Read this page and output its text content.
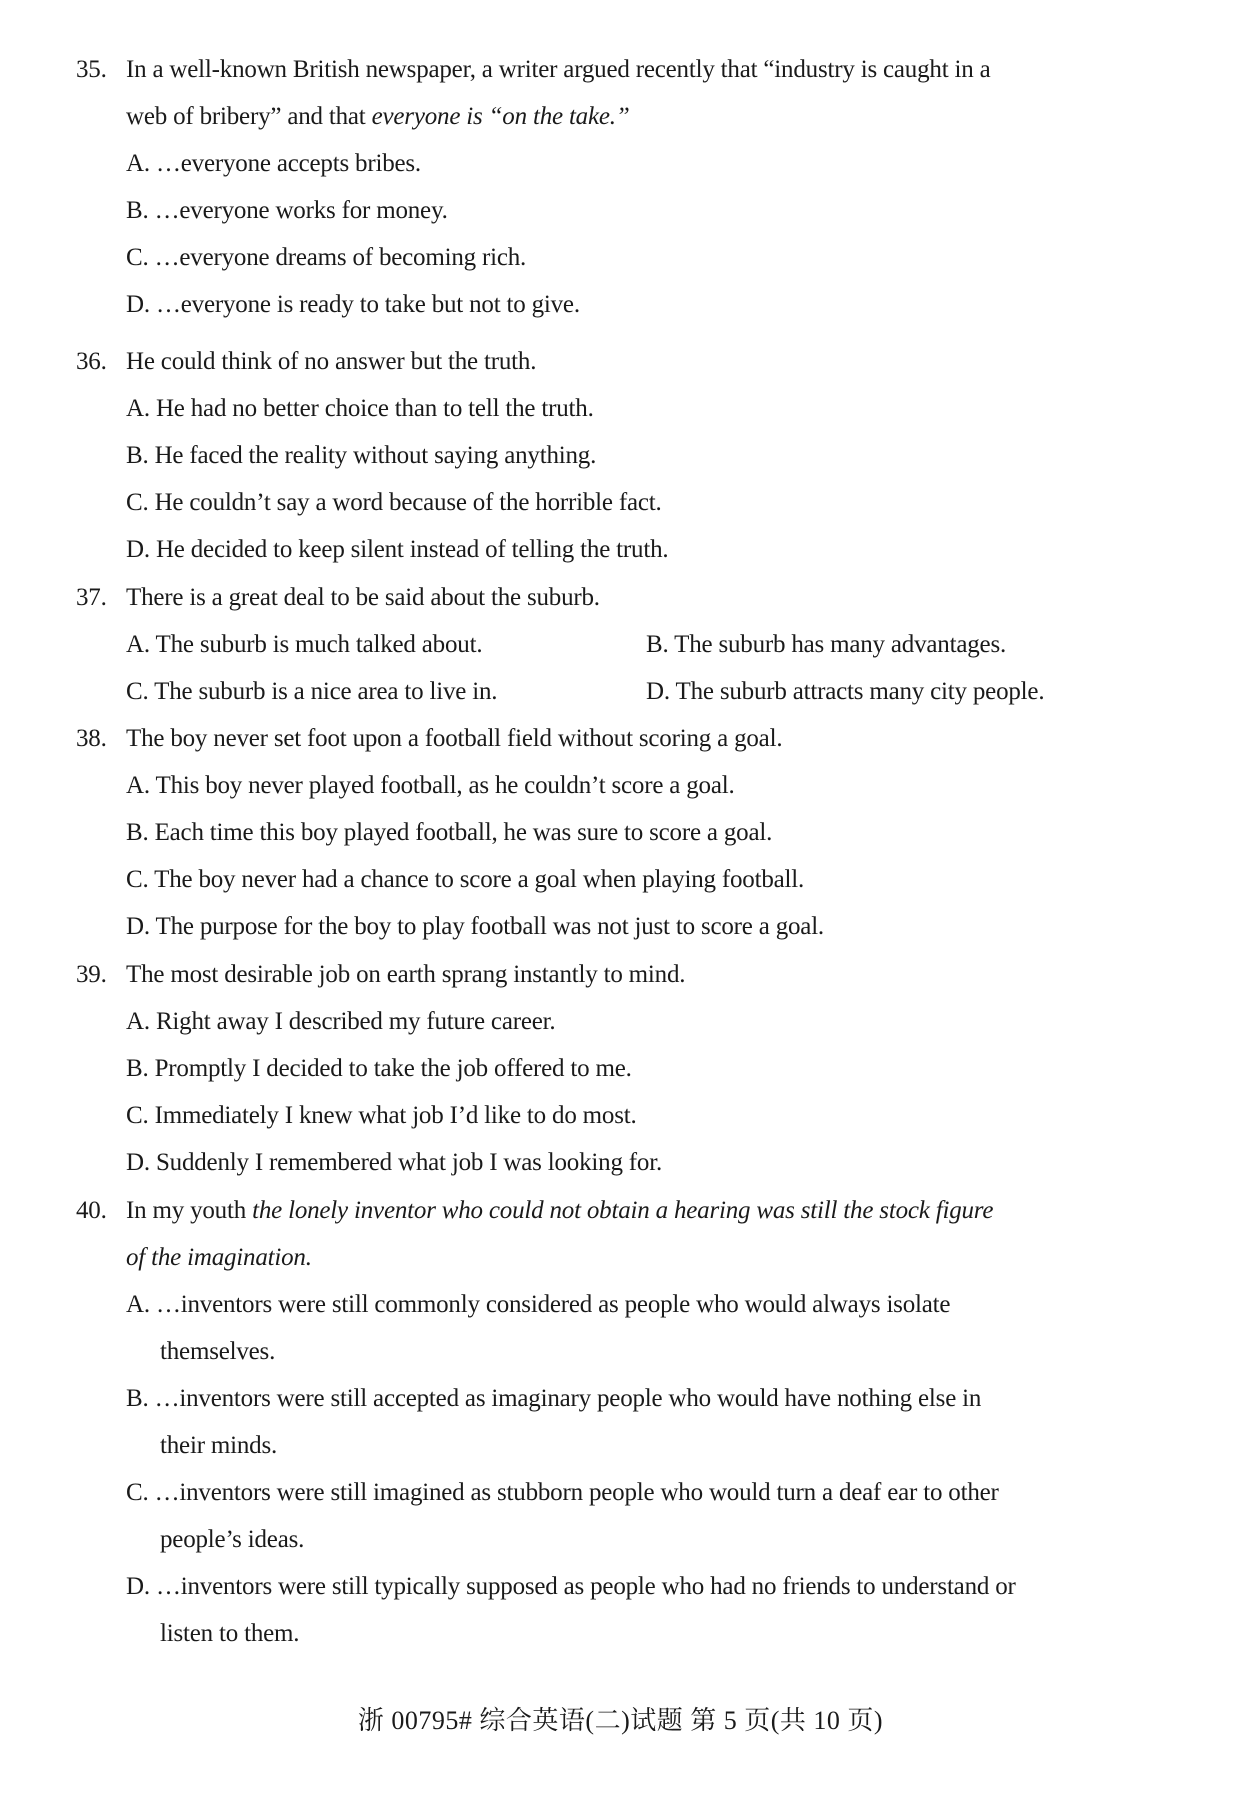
35. In a well-known British newspaper, a writer argued recently that “industry is caught in a
web of bribery” and that everyone is “on the take.”
A. …everyone accepts bribes.
B. …everyone works for money.
C. …everyone dreams of becoming rich.
D. …everyone is ready to take but not to give.
36. He could think of no answer but the truth.
A. He had no better choice than to tell the truth.
B. He faced the reality without saying anything.
C. He couldn’t say a word because of the horrible fact.
D. He decided to keep silent instead of telling the truth.
37. There is a great deal to be said about the suburb.
A. The suburb is much talked about.	B. The suburb has many advantages.
C. The suburb is a nice area to live in.	D. The suburb attracts many city people.
38. The boy never set foot upon a football field without scoring a goal.
A. This boy never played football, as he couldn’t score a goal.
B. Each time this boy played football, he was sure to score a goal.
C. The boy never had a chance to score a goal when playing football.
D. The purpose for the boy to play football was not just to score a goal.
39. The most desirable job on earth sprang instantly to mind.
A. Right away I described my future career.
B. Promptly I decided to take the job offered to me.
C. Immediately I knew what job I’d like to do most.
D. Suddenly I remembered what job I was looking for.
40. In my youth the lonely inventor who could not obtain a hearing was still the stock figure
of the imagination.
A. …inventors were still commonly considered as people who would always isolate
themselves.
B. …inventors were still accepted as imaginary people who would have nothing else in
their minds.
C. …inventors were still imagined as stubborn people who would turn a deaf ear to other
people’s ideas.
D. …inventors were still typically supposed as people who had no friends to understand or
listen to them.
浙 00795# 综合英语(二)试题 第 5 页(共 10 页)
